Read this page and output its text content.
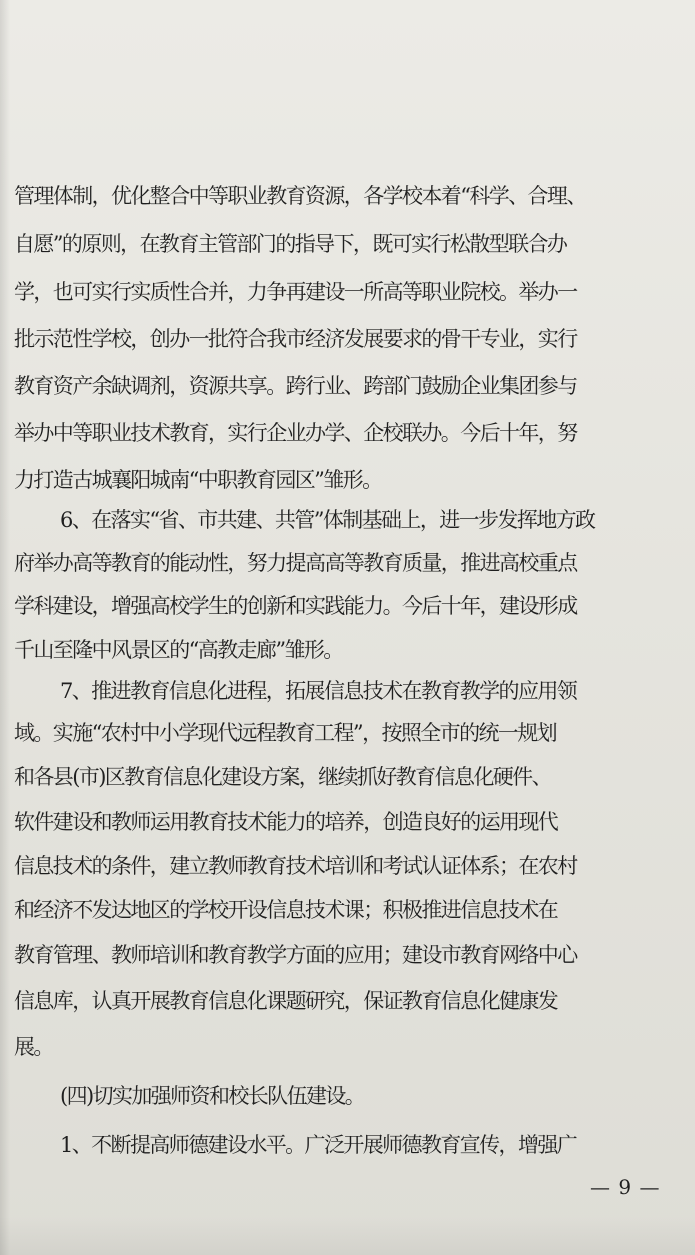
管理体制，优化整合中等职业教育资源，各学校本着“科学、合理、
自愿”的原则，在教育主管部门的指导下，既可实行松散型联合办
学，也可实行实质性合并，力争再建设一所高等职业院校。举办一
批示范性学校，创办一批符合我市经济发展要求的骨干专业，实行
教育资产余缺调剂，资源共享。跨行业、跨部门鼓励企业集团参与
举办中等职业技术教育，实行企业办学、企校联办。今后十年，努
力打造古城襄阳城南“中职教育园区”雏形。
6、在落实“省、市共建、共管”体制基础上，进一步发挥地方政
府举办高等教育的能动性，努力提高高等教育质量，推进高校重点
学科建设，增强高校学生的创新和实践能力。今后十年，建设形成
千山至隆中风景区的“高教走廊”雏形。
7、推进教育信息化进程，拓展信息技术在教育教学的应用领
域。实施“农村中小学现代远程教育工程”，按照全市的统一规划
和各县(市)区教育信息化建设方案，继续抓好教育信息化硬件、
软件建设和教师运用教育技术能力的培养，创造良好的运用现代
信息技术的条件，建立教师教育技术培训和考试认证体系；在农村
和经济不发达地区的学校开设信息技术课；积极推进信息技术在
教育管理、教师培训和教育教学方面的应用；建设市教育网络中心
信息库，认真开展教育信息化课题研究，保证教育信息化健康发
展。
(四)切实加强师资和校长队伍建设。
1、不断提高师德建设水平。广泛开展师德教育宣传，增强广
— 9 —
